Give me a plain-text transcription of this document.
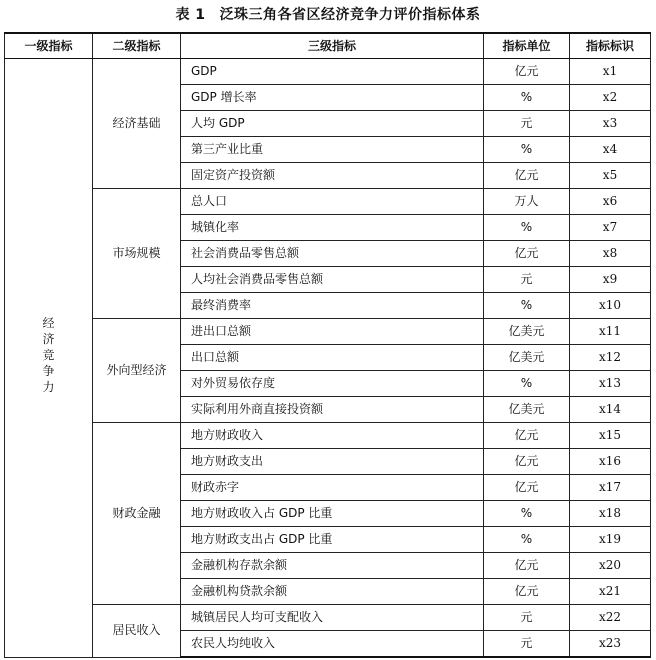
表 1 泛珠三角各省区经济竞争力评价指标体系
一级指标	二级指标	三级指标	指标单位	指标标识
经济竞争力	经济基础	GDP	亿元	x1
		GDP 增长率	%	x2
		人均 GDP	元	x3
		第三产业比重	%	x4
		固定资产投资额	亿元	x5
	市场规模	总人口	万人	x6
		城镇化率	%	x7
		社会消费品零售总额	亿元	x8
		人均社会消费品零售总额	元	x9
		最终消费率	%	x10
	外向型经济	进出口总额	亿美元	x11
		出口总额	亿美元	x12
		对外贸易依存度	%	x13
		实际利用外商直接投资额	亿美元	x14
	财政金融	地方财政收入	亿元	x15
		地方财政支出	亿元	x16
		财政赤字	亿元	x17
		地方财政收入占 GDP 比重	%	x18
		地方财政支出占 GDP 比重	%	x19
		金融机构存款余额	亿元	x20
		金融机构贷款余额	亿元	x21
	居民收入	城镇居民人均可支配收入	元	x22
		农民人均纯收入	元	x23
